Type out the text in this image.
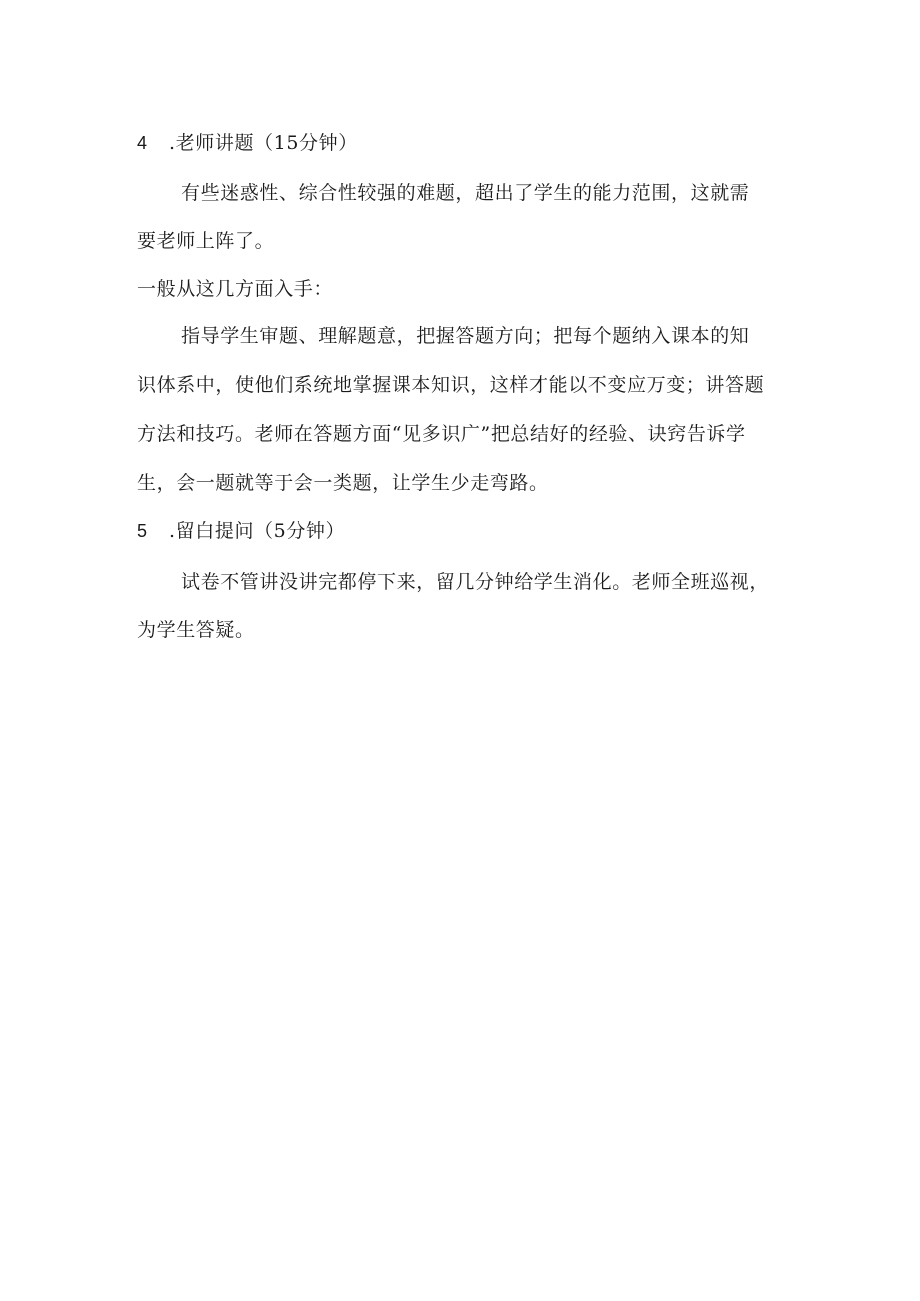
4 .老师讲题（15分钟）
有些迷惑性、综合性较强的难题，超出了学生的能力范围，这就需
要老师上阵了。
一般从这几方面入手：
指导学生审题、理解题意，把握答题方向；把每个题纳入课本的知
识体系中，使他们系统地掌握课本知识，这样才能以不变应万变；讲答题
方法和技巧。老师在答题方面“见多识广”把总结好的经验、诀窍告诉学
生，会一题就等于会一类题，让学生少走弯路。
5 .留白提问（5分钟）
试卷不管讲没讲完都停下来，留几分钟给学生消化。老师全班巡视，
为学生答疑。
